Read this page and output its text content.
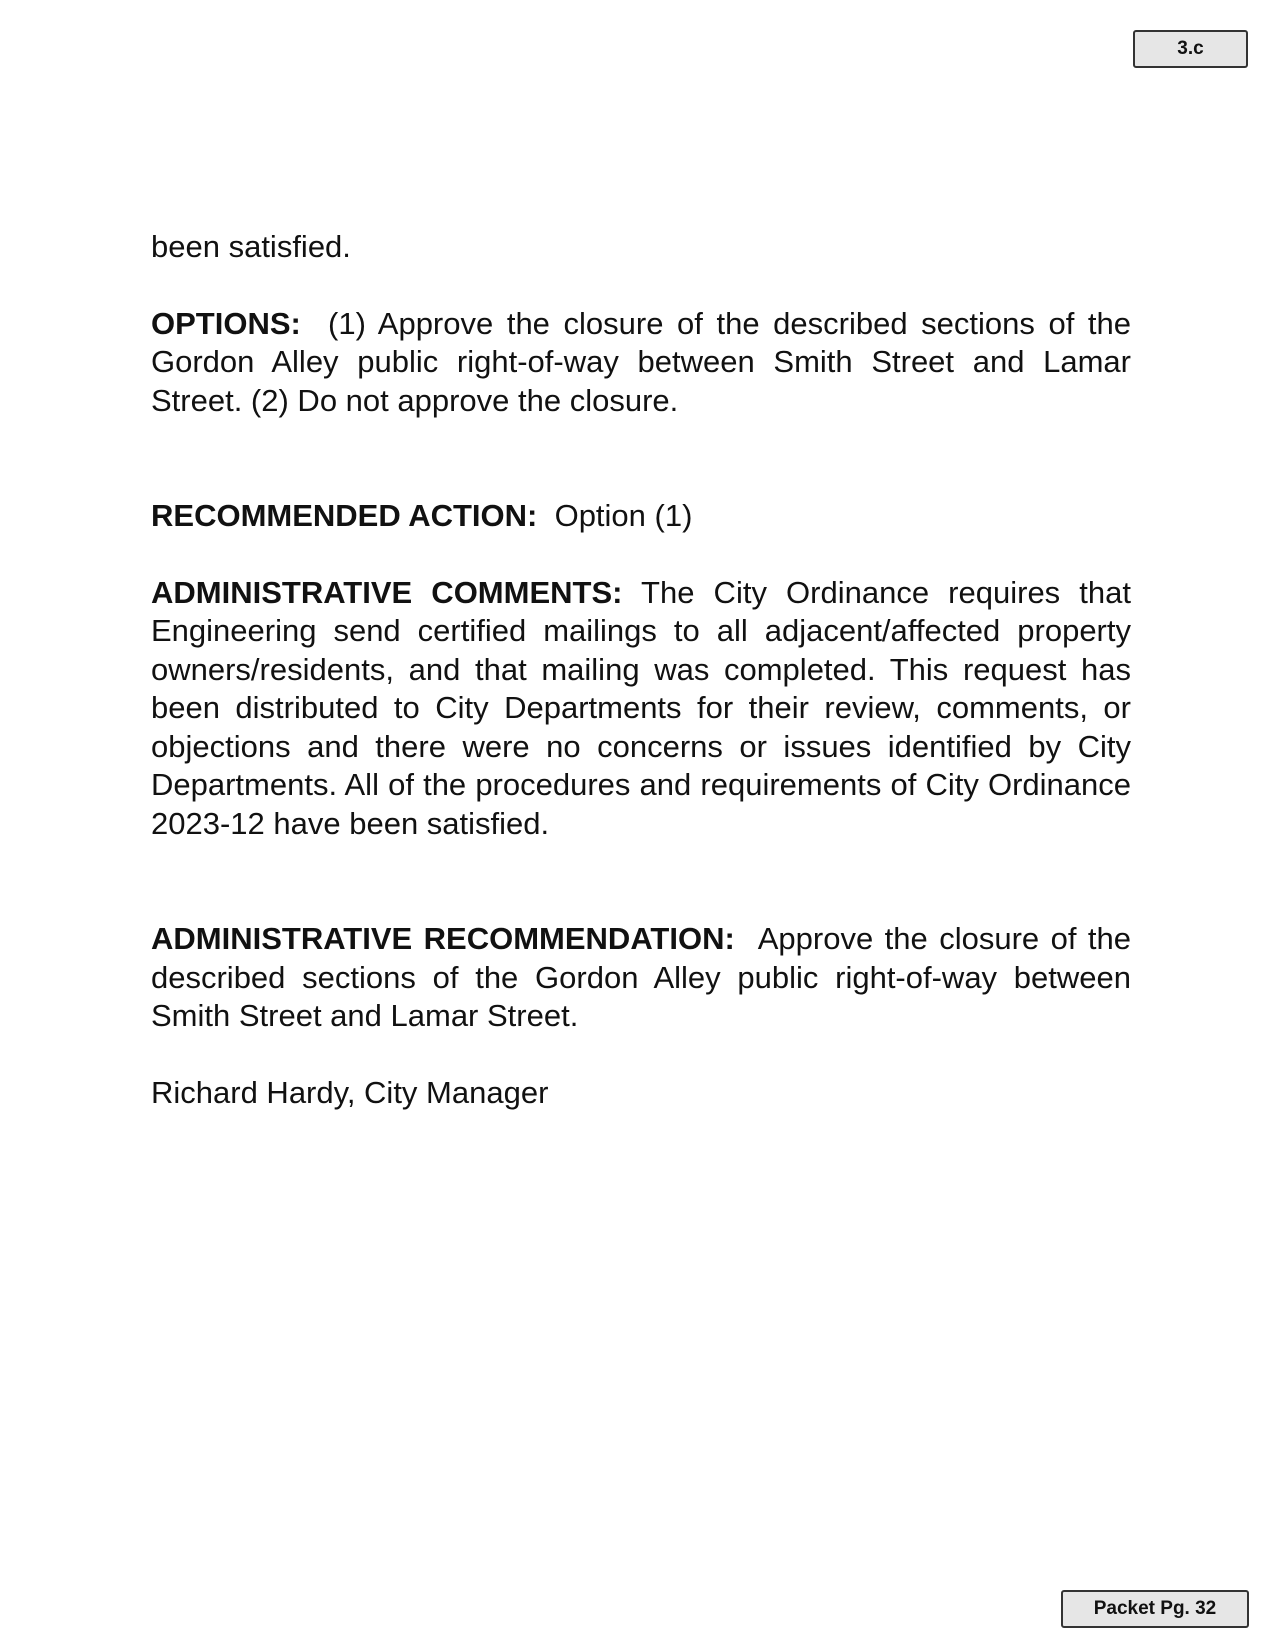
3.c

been satisfied.

OPTIONS: (1) Approve the closure of the described sections of the Gordon Alley public right-of-way between Smith Street and Lamar Street. (2) Do not approve the closure.

RECOMMENDED ACTION: Option (1)

ADMINISTRATIVE COMMENTS: The City Ordinance requires that Engineering send certified mailings to all adjacent/affected property owners/residents, and that mailing was completed. This request has been distributed to City Departments for their review, comments, or objections and there were no concerns or issues identified by City Departments. All of the procedures and requirements of City Ordinance 2023-12 have been satisfied.

ADMINISTRATIVE RECOMMENDATION: Approve the closure of the described sections of the Gordon Alley public right-of-way between Smith Street and Lamar Street.

Richard Hardy, City Manager

Packet Pg. 32
